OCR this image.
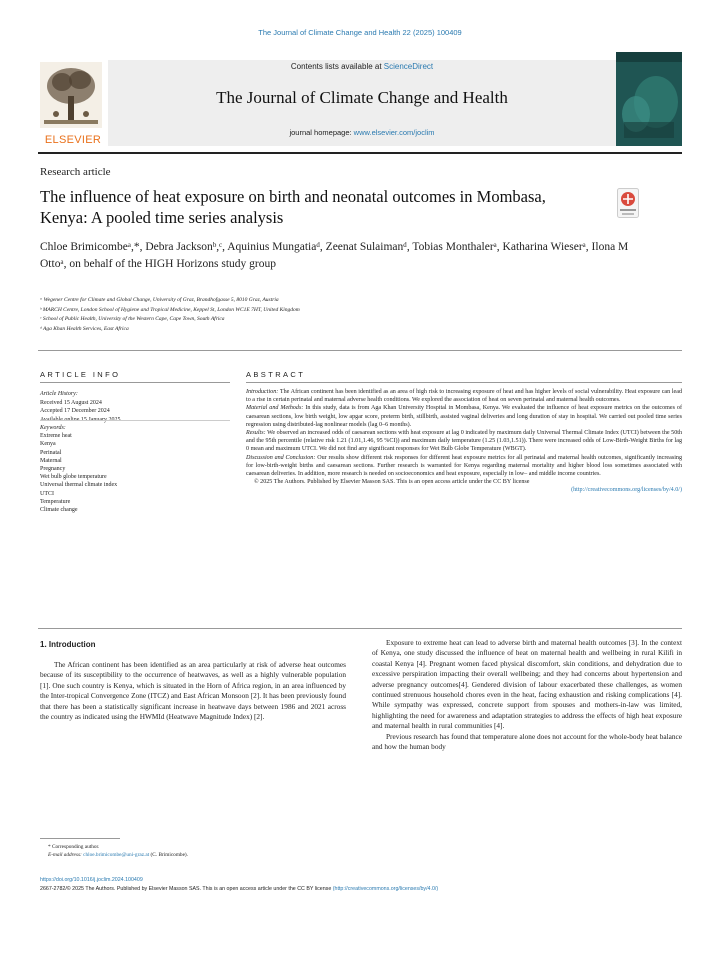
The Journal of Climate Change and Health 22 (2025) 100409
ELSEVIER
Contents lists available at ScienceDirect
The Journal of Climate Change and Health
journal homepage: www.elsevier.com/joclim
Research article
The influence of heat exposure on birth and neonatal outcomes in Mombasa, Kenya: A pooled time series analysis
Chloe Brimicombeᵃ,*, Debra Jacksonᵇ,ᶜ, Aquinius Mungatiaᵈ, Zeenat Sulaimanᵈ, Tobias Monthalerᵃ, Katharina Wieserᵃ, Ilona M Ottoᵃ, on behalf of the HIGH Horizons study group
ᵃ Wegener Centre for Climate and Global Change, University of Graz, Brandhofgasse 5, 8010 Graz, Austria
ᵇ MARCH Centre, London School of Hygiene and Tropical Medicine, Keppel St, London WC1E 7HT, United Kingdom
ᶜ School of Public Health, University of the Western Cape, Cape Town, South Africa
ᵈ Aga Khan Health Services, East Africa
ARTICLE INFO	ABSTRACT
Article History:
Received 15 August 2024
Accepted 17 December 2024
Keywords:
Extreme heat
Kenya
Perinatal
Maternal
Pregnancy
Wet bulb globe temperature
Universal thermal climate index
UTCI
Temperature
Climate change

Introduction: The African continent has been identified as an area of high risk to increasing exposure of heat and has higher levels of social vulnerability. Heat exposure can lead to a rise in certain perinatal and maternal adverse health conditions. We explored the association of heat on seven perinatal and maternal health outcomes.

Material and Methods: In this study, data is from Aga Khan University Hospital in Mombasa, Kenya. We evaluated the influence of heat exposure metrics on the outcomes of caesarean sections, low birth weight, low apgar score, preterm birth, stillbirth, assisted vaginal deliveries and long duration of stay in hospital. We carried out pooled time series regression using distributed-lag nonlinear models (lag 0–6 months).

Results: We observed an increased odds of caesarean sections with heat exposure at lag 0 indicated by maximum daily Universal Thermal Climate Index (UTCI) between the 50th and the 95th percentile (relative risk 1.21 (1.01,1.46, 95 %CI)) and maximum daily temperature (1.25 (1.03,1.51)). There were increased odds of Low-Birth-Weight Births for lag 0 mean and maximum UTCI. We did not find any significant responses for Wet Bulb Globe Temperature (WBGT).

Discussion and Conclusion: Our results show different risk responses for different heat exposure metrics for all perinatal and maternal health outcomes, significantly increasing for low-birth-weight births and caesarean sections. Further research is warranted for Kenya regarding maternal mortality and higher blood loss sometimes associated with caesarean deliveries. In addition, more research is needed on socioeconomics and heat exposure, especially in low– and middle income countries.

© 2025 The Authors. Published by Elsevier Masson SAS. This is an open access article under the CC BY license

(http://creativecommons.org/licenses/by/4.0/)

1. Introduction
The African continent has been identified as an area particularly at risk of adverse heat outcomes because of its susceptibility to the occurrence of heatwaves, as well as a highly vulnerable population [1]. One such country is Kenya, which is situated in the Horn of Africa region, in an area influenced by the Inter-tropical Convergence Zone (ITCZ) and East African Monsoon [2]. It has been previously found that there has been a statistically significant increase in heatwave days between 1986 and 2021 across the country as indicated using the HWMId (Heatwave Magnitude Index) [2].

Exposure to extreme heat can lead to adverse birth and maternal health outcomes [3]. In the context of Kenya, one study discussed the influence of heat on maternal health and wellbeing in rural Kilifi in coastal Kenya [4]. Pregnant women faced physical discomfort, skin conditions, and dehydration due to excessive perspiration impacting their overall wellbeing; and they had concerns about hypertension and adverse pregnancy outcomes[4]. Gendered division of labour exacerbated these challenges, as women continued strenuous household chores even in the heat, facing exhaustion and risking complications [4]. While sympathy was expressed, concrete support from spouses and mothers-in-law was limited, highlighting the need for awareness and adaptation strategies to address the effects of high heat exposure and maternal health in rural communities [4].

Previous research has found that temperature alone does not account for the whole-body heat balance and how the human body

* Corresponding author.
E-mail address: chloe.brimicombe@uni-graz.at (C. Brimicombe).
https://doi.org/10.1016/j.joclim.2024.100409
2667-2782/© 2025 The Authors. Published by Elsevier Masson SAS. This is an open access article under the CC BY license (http://creativecommons.org/licenses/by/4.0/)
